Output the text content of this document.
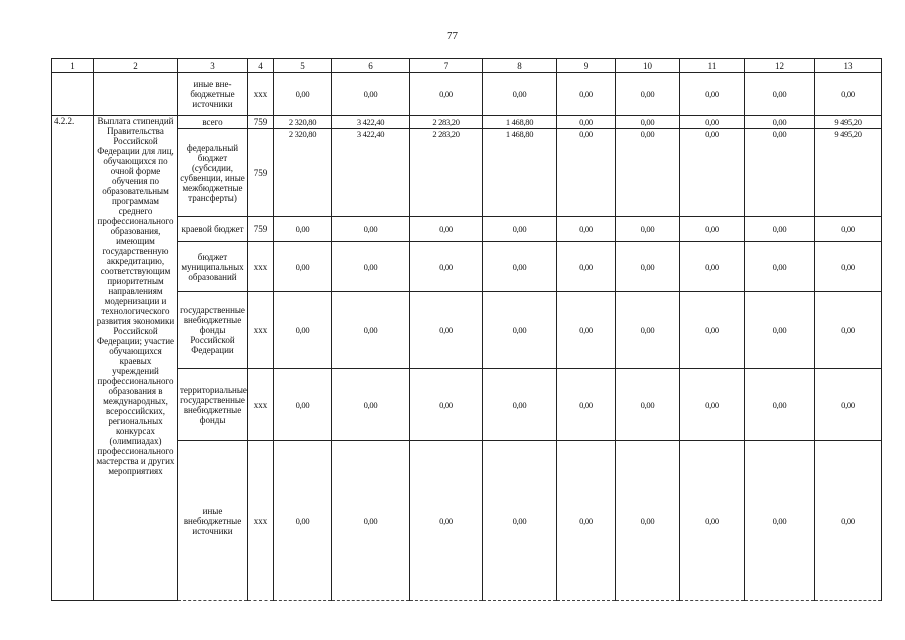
77
1	2	3	4	5	6	7	8	9	10	11	12	13
		иные вне-бюджетные источники	ххх	0,00	0,00	0,00	0,00	0,00	0,00	0,00	0,00	0,00
4.2.2.	Выплата стипендий Правительства Российской Федерации для лиц, обучающихся по очной форме обучения по образовательным программам среднего профессионального образования, имеющим государственную аккредитацию, соответствующим приоритетным направлениям модернизации и технологического развития экономики Российской Федерации; участие обучающихся краевых учреждений профессионального образования в международных, всероссийских, региональных конкурсах (олимпиадах) профессионального мастерства и других мероприятиях	всего	759	2 320,80	3 422,40	2 283,20	1 468,80	0,00	0,00	0,00	0,00	9 495,20
		федеральный бюджет (субсидии, субвенции, иные межбюджетные трансферты)	759	2 320,80	3 422,40	2 283,20	1 468,80	0,00	0,00	0,00	0,00	9 495,20
		краевой бюджет	759	0,00	0,00	0,00	0,00	0,00	0,00	0,00	0,00	0,00
		бюджет муниципальных образований	ххх	0,00	0,00	0,00	0,00	0,00	0,00	0,00	0,00	0,00
		государственные внебюджетные фонды Российской Федерации	ххх	0,00	0,00	0,00	0,00	0,00	0,00	0,00	0,00	0,00
		территориальные государственные внебюджетные фонды	ххх	0,00	0,00	0,00	0,00	0,00	0,00	0,00	0,00	0,00
		иные внебюджетные источники	ххх	0,00	0,00	0,00	0,00	0,00	0,00	0,00	0,00	0,00
